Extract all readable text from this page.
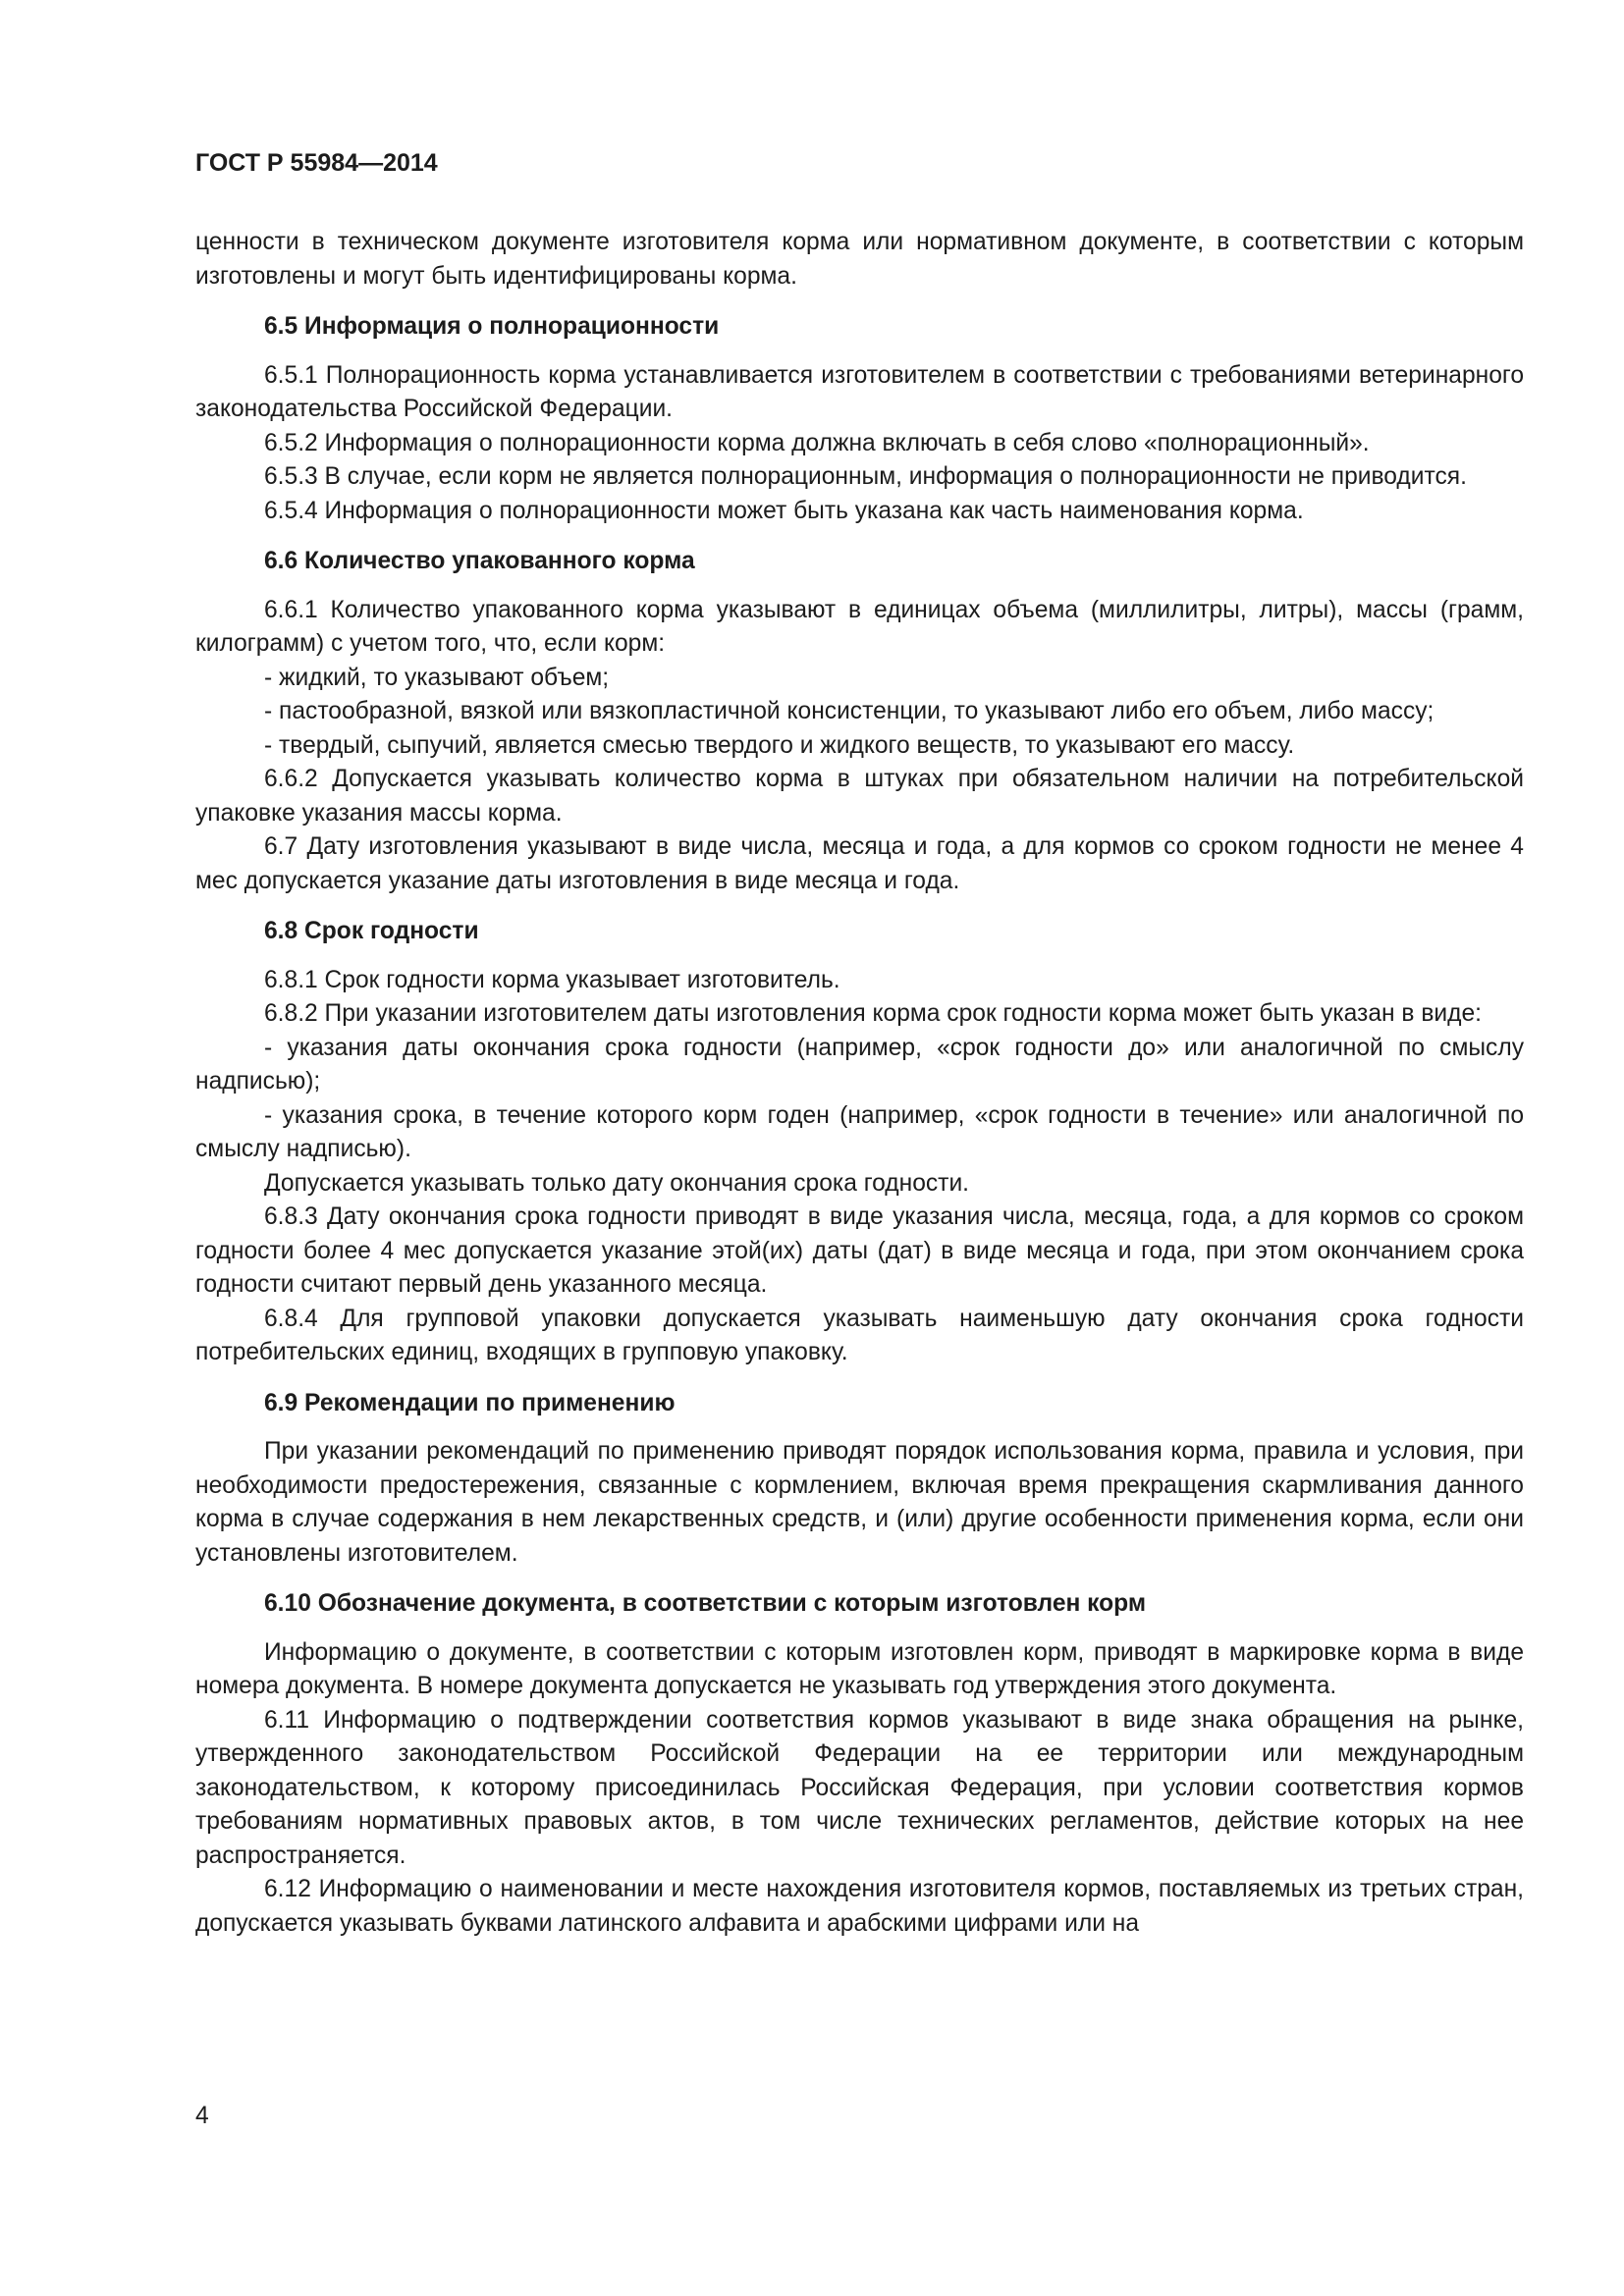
ГОСТ Р 55984—2014

ценности в техническом документе изготовителя корма или нормативном документе, в соответствии с которым изготовлены и могут быть идентифицированы корма.

6.5 Информация о полнорационности

6.5.1 Полнорационность корма устанавливается изготовителем в соответствии с требованиями ветеринарного законодательства Российской Федерации.

6.5.2 Информация о полнорационности корма должна включать в себя слово «полнорационный».

6.5.3 В случае, если корм не является полнорационным, информация о полнорационности не приводится.

6.5.4 Информация о полнорационности может быть указана как часть наименования корма.

6.6 Количество упакованного корма

6.6.1 Количество упакованного корма указывают в единицах объема (миллилитры, литры), массы (грамм, килограмм) с учетом того, что, если корм:

- жидкий, то указывают объем;

- пастообразной, вязкой или вязкопластичной консистенции, то указывают либо его объем, либо массу;

- твердый, сыпучий, является смесью твердого и жидкого веществ, то указывают его массу.

6.6.2 Допускается указывать количество корма в штуках при обязательном наличии на потребительской упаковке указания массы корма.

6.7 Дату изготовления указывают в виде числа, месяца и года, а для кормов со сроком годности не менее 4 мес допускается указание даты изготовления в виде месяца и года.

6.8 Срок годности

6.8.1 Срок годности корма указывает изготовитель.

6.8.2 При указании изготовителем даты изготовления корма срок годности корма может быть указан в виде:

- указания даты окончания срока годности (например, «срок годности до» или аналогичной по смыслу надписью);

- указания срока, в течение которого корм годен (например, «срок годности в течение» или аналогичной по смыслу надписью).

Допускается указывать только дату окончания срока годности.

6.8.3 Дату окончания срока годности приводят в виде указания числа, месяца, года, а для кормов со сроком годности более 4 мес допускается указание этой(их) даты (дат) в виде месяца и года, при этом окончанием срока годности считают первый день указанного месяца.

6.8.4 Для групповой упаковки допускается указывать наименьшую дату окончания срока годности потребительских единиц, входящих в групповую упаковку.

6.9 Рекомендации по применению

При указании рекомендаций по применению приводят порядок использования корма, правила и условия, при необходимости предостережения, связанные с кормлением, включая время прекращения скармливания данного корма в случае содержания в нем лекарственных средств, и (или) другие особенности применения корма, если они установлены изготовителем.

6.10 Обозначение документа, в соответствии с которым изготовлен корм

Информацию о документе, в соответствии с которым изготовлен корм, приводят в маркировке корма в виде номера документа. В номере документа допускается не указывать год утверждения этого документа.

6.11 Информацию о подтверждении соответствия кормов указывают в виде знака обращения на рынке, утвержденного законодательством Российской Федерации на ее территории или международным законодательством, к которому присоединилась Российская Федерация, при условии соответствия кормов требованиям нормативных правовых актов, в том числе технических регламентов, действие которых на нее распространяется.

6.12 Информацию о наименовании и месте нахождения изготовителя кормов, поставляемых из третьих стран, допускается указывать буквами латинского алфавита и арабскими цифрами или на

4
